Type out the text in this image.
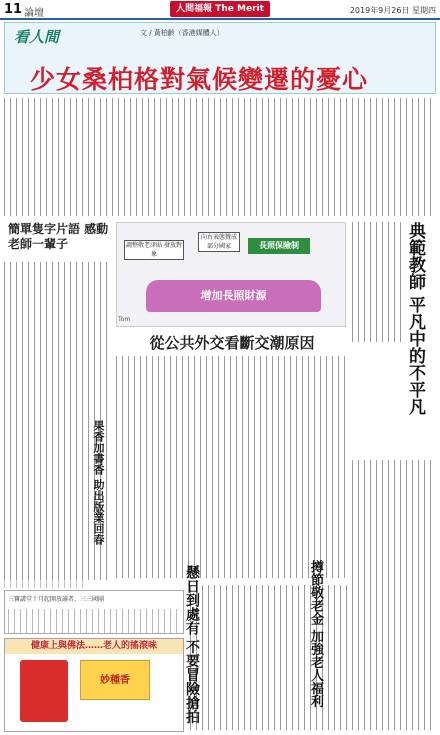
11 論壇	人間福報 The Merit	2019年9月26日 星期四
看人間	文 / 黃柏齡（香港媒體人）
少女桑柏格對氣候變遷的憂心
簡單隻字片語 感動老師一輩子	典範教師 平凡中的不平凡
調整敬老津貼 發放對象
向右表態贊成 部分國家	長照保險制
增加長照財源
Tom
從公共外交看斷交潮原因
果香加書香 助出版業回春
懸日到處有 不要冒險搶拍	撙節敬老金 加強老人福利
三寶講堂十月起開放讀者、三三國團
健康上與佛法……老人的搖滾味
妙種香
